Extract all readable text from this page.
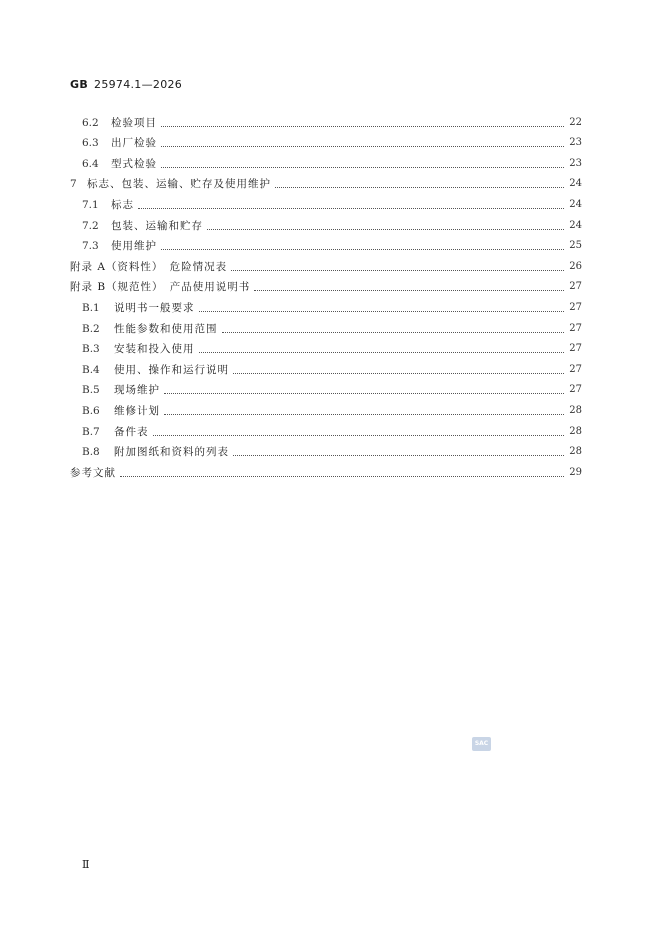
GB 25974.1—2026
6.2	检验项目	22
6.3	出厂检验	23
6.4	型式检验	23
7 标志、包装、运输、贮存及使用维护	24
7.1	标志	24
7.2	包装、运输和贮存	24
7.3	使用维护	25
附录 A（资料性）　危险情况表	26
附录 B（规范性）　产品使用说明书	27
B.1	说明书一般要求	27
B.2	性能参数和使用范围	27
B.3	安装和投入使用	27
B.4	使用、操作和运行说明	27
B.5	现场维护	27
B.6	维修计划	28
B.7	备件表	28
B.8	附加图纸和资料的列表	28
参考文献	29
SAC
Ⅱ
